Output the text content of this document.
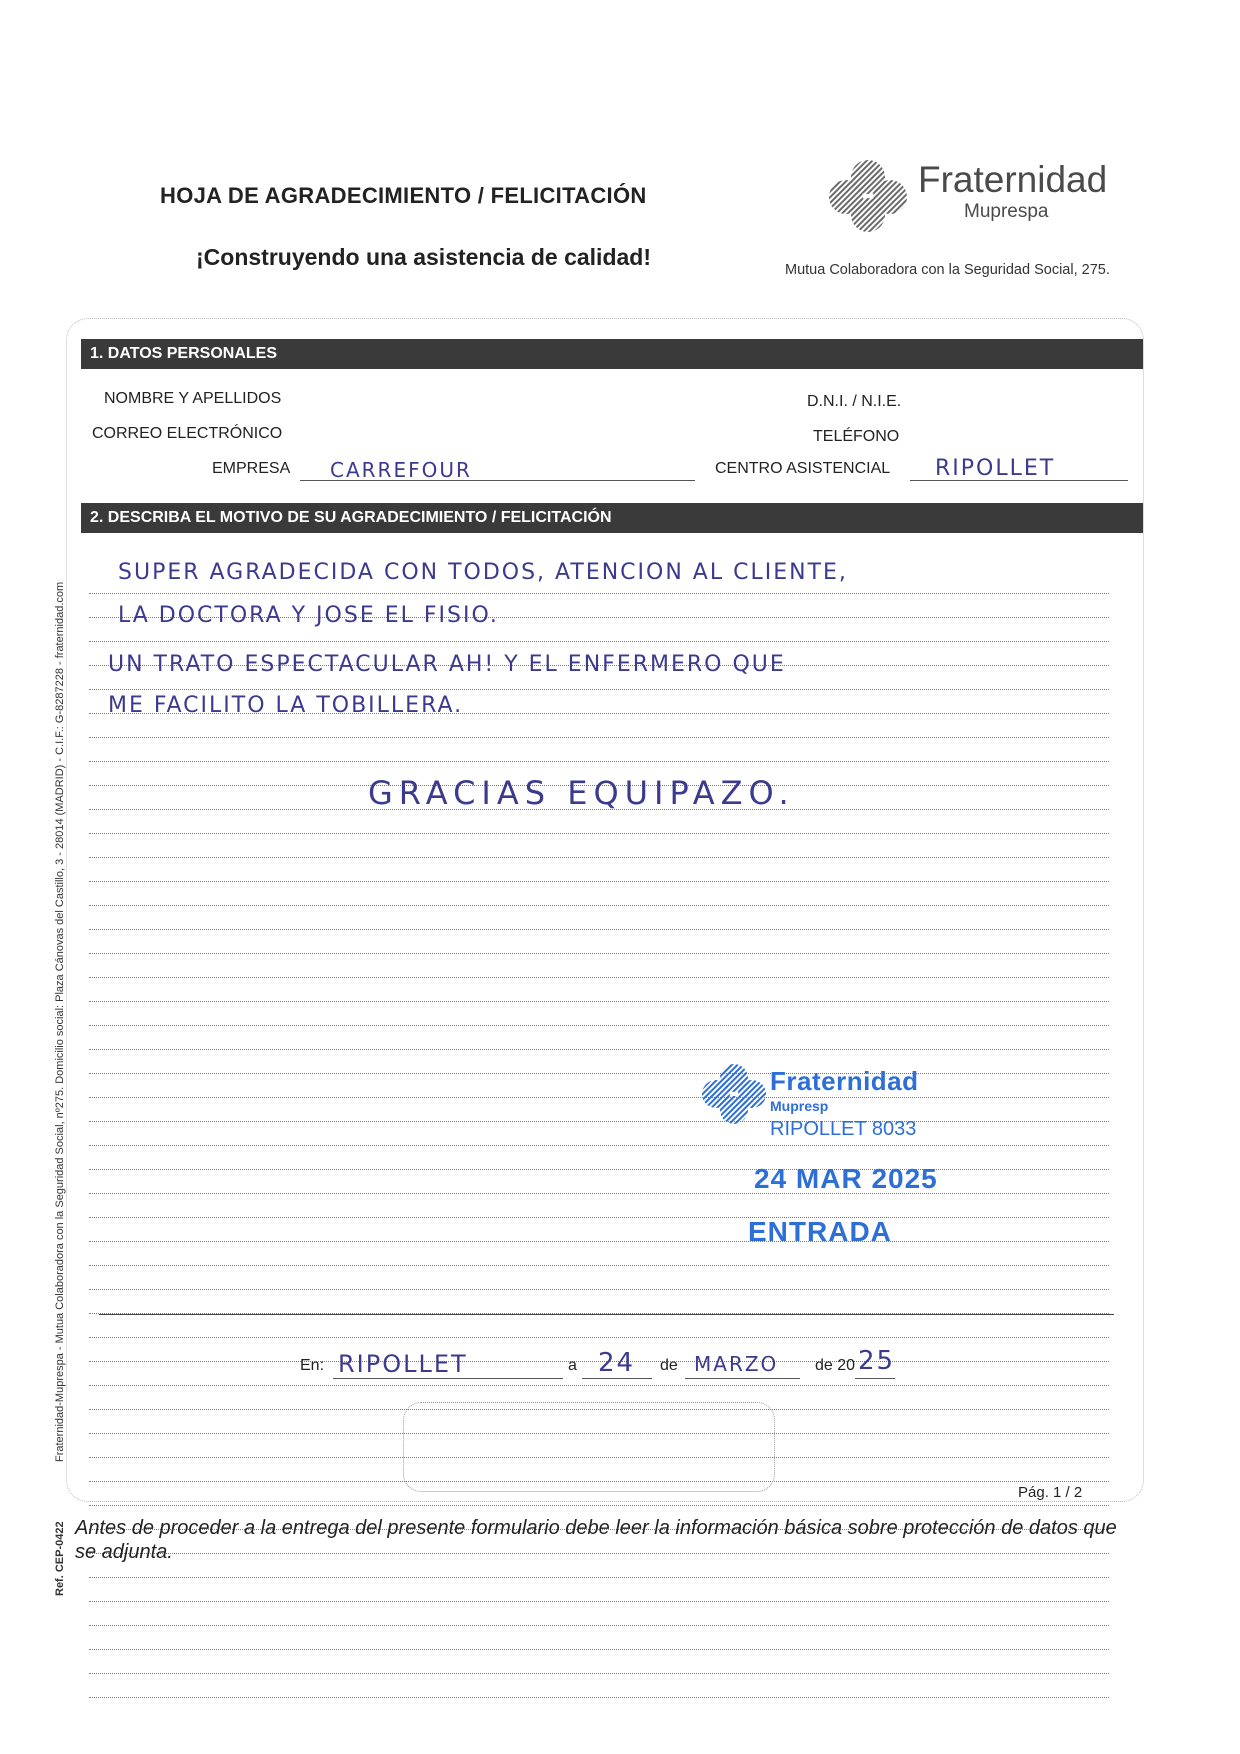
HOJA DE AGRADECIMIENTO / FELICITACIÓN
¡Construyendo una asistencia de calidad!
Fraternidad
Muprespa
Mutua Colaboradora con la Seguridad Social, 275.
1. DATOS PERSONALES
NOMBRE Y APELLIDOS
CORREO ELECTRÓNICO
EMPRESA CARREFOUR
D.N.I. / N.I.E.
TELÉFONO
CENTRO ASISTENCIAL RIPOLLET
2. DESCRIBA EL MOTIVO DE SU AGRADECIMIENTO / FELICITACIÓN
SUPER AGRADECIDA CON TODOS, ATENCION AL CLIENTE,
LA DOCTORA Y JOSE EL FISIO.
UN TRATO ESPECTACULAR AH! Y EL ENFERMERO QUE
ME FACILITO LA TOBILLERA.
GRACIAS EQUIPAZO.
Fraternidad
Mupresp
RIPOLLET 8033
24 MAR 2025
ENTRADA
En: RIPOLLET	a 24 de MARZO de 20 25
Pág. 1 / 2
Antes de proceder a la entrega del presente formulario debe leer la información básica sobre protección de datos que se adjunta.
Fraternidad-Muprespa - Mutua Colaboradora con la Seguridad Social, nº275. Domicilio social: Plaza Cánovas del Castillo, 3 - 28014 (MADRID) - C.I.F.: G-8287228 - fraternidad.com
Ref. CEP-0422
